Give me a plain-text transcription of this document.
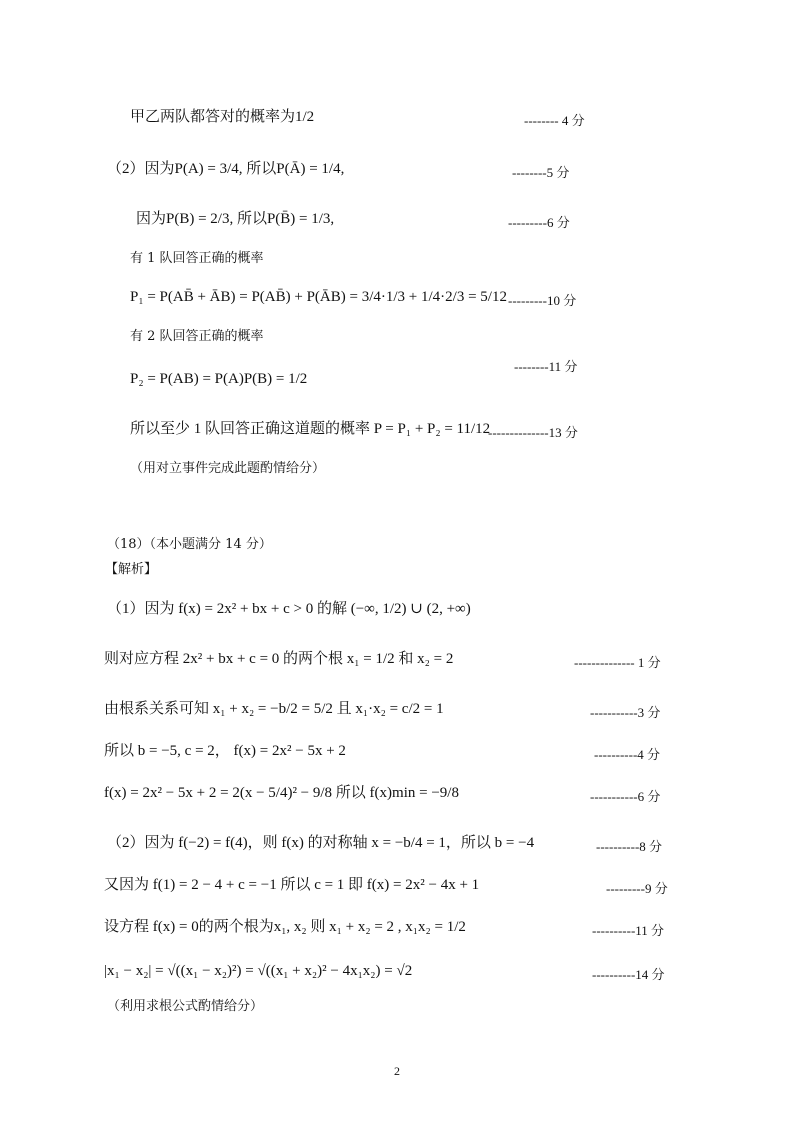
甲乙两队都答对的概率为1/2	-------- 4 分
（2）因为P(A) = 3/4, 所以P(Ā) = 1/4,	--------5 分
因为P(B) = 2/3, 所以P(B̄) = 1/3,	---------6 分
有 1 队回答正确的概率
P₁ = P(AB̄ + ĀB) = P(AB̄) + P(ĀB) = 3/4·1/3 + 1/4·2/3 = 5/12 ---------10 分
有 2 队回答正确的概率
--------11 分
P₂ = P(AB) = P(A)P(B) = 1/2
所以至少 1 队回答正确这道题的概率 P = P₁ + P₂ = 11/12
--------------13 分
（用对立事件完成此题酌情给分）
（18）（本小题满分 14 分）
【解析】
（1）因为 f(x) = 2x² + bx + c > 0 的解 (−∞, 1/2) ∪ (2, +∞)
则对应方程 2x² + bx + c = 0 的两个根 x₁ = 1/2 和 x₂ = 2	-------------- 1 分
由根系关系可知 x₁ + x₂ = −b/2 = 5/2 且 x₁·x₂ = c/2 = 1	-----------3 分
所以 b = −5, c = 2， f(x) = 2x² − 5x + 2	----------4 分
f(x) = 2x² − 5x + 2 = 2(x − 5/4)² − 9/8 所以 f(x)min = −9/8	-----------6 分
（2）因为 f(−2) = f(4)，则 f(x) 的对称轴 x = −b/4 = 1，所以 b = −4	----------8 分
又因为 f(1) = 2 − 4 + c = −1 所以 c = 1 即 f(x) = 2x² − 4x + 1	---------9 分
设方程 f(x) = 0的两个根为x₁, x₂ 则 x₁ + x₂ = 2 , x₁x₂ = 1/2	----------11 分
|x₁ − x₂| = √((x₁ − x₂)²) = √((x₁ + x₂)² − 4x₁x₂) = √2	----------14 分
（利用求根公式酌情给分）
2
